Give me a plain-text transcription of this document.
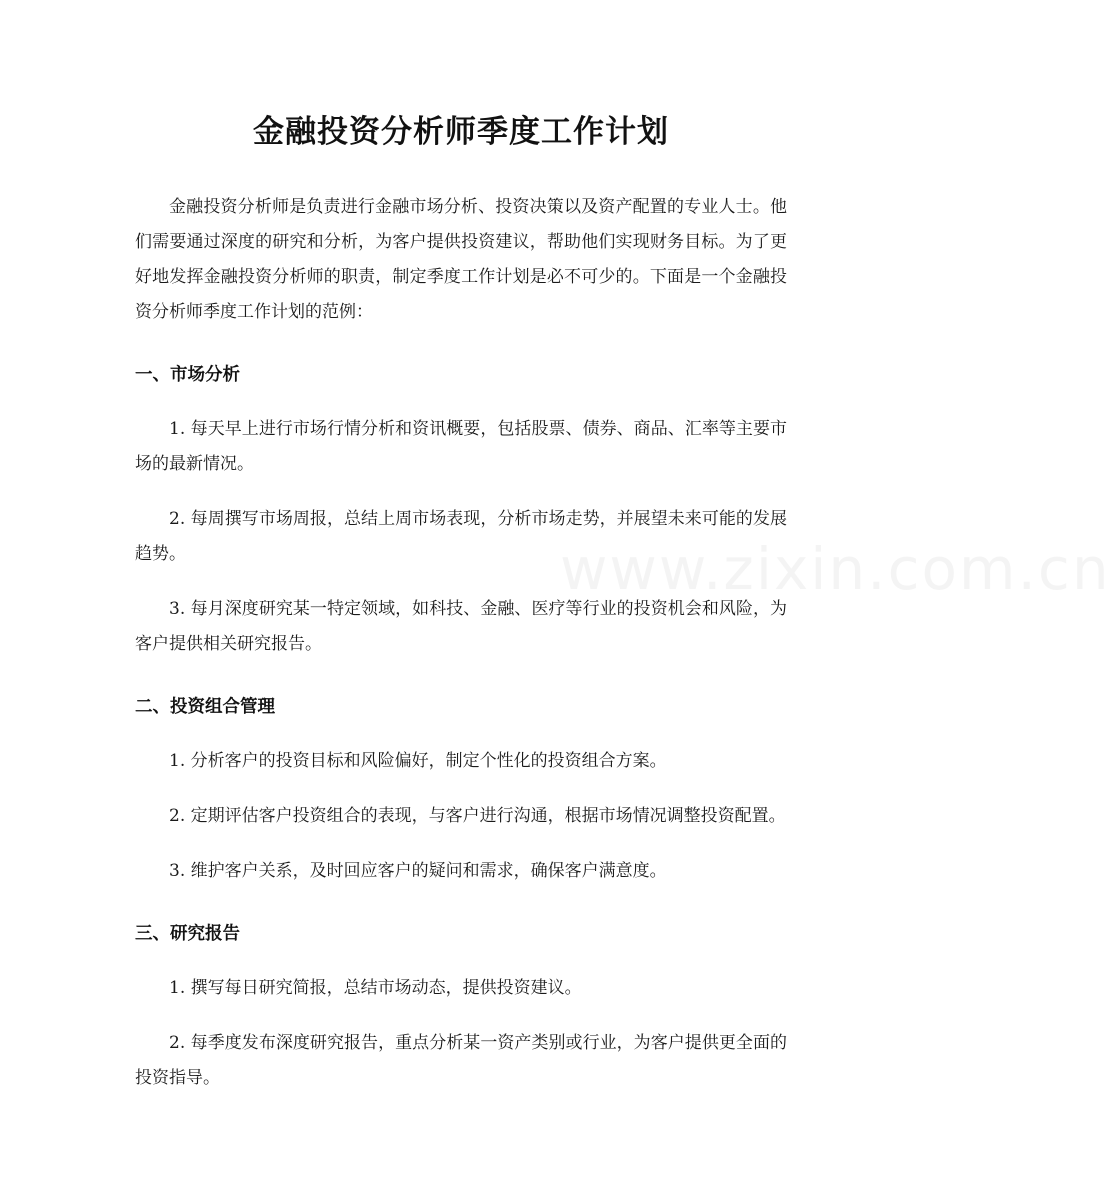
www.zixin.com.cn
金融投资分析师季度工作计划

金融投资分析师是负责进行金融市场分析、投资决策以及资产配置的专业人士。他们需要通过深度的研究和分析，为客户提供投资建议，帮助他们实现财务目标。为了更好地发挥金融投资分析师的职责，制定季度工作计划是必不可少的。下面是一个金融投资分析师季度工作计划的范例：

一、市场分析

1. 每天早上进行市场行情分析和资讯概要，包括股票、债券、商品、汇率等主要市场的最新情况。

2. 每周撰写市场周报，总结上周市场表现，分析市场走势，并展望未来可能的发展趋势。

3. 每月深度研究某一特定领域，如科技、金融、医疗等行业的投资机会和风险，为客户提供相关研究报告。

二、投资组合管理

1. 分析客户的投资目标和风险偏好，制定个性化的投资组合方案。

2. 定期评估客户投资组合的表现，与客户进行沟通，根据市场情况调整投资配置。

3. 维护客户关系，及时回应客户的疑问和需求，确保客户满意度。

三、研究报告

1. 撰写每日研究简报，总结市场动态，提供投资建议。

2. 每季度发布深度研究报告，重点分析某一资产类别或行业，为客户提供更全面的投资指导。
